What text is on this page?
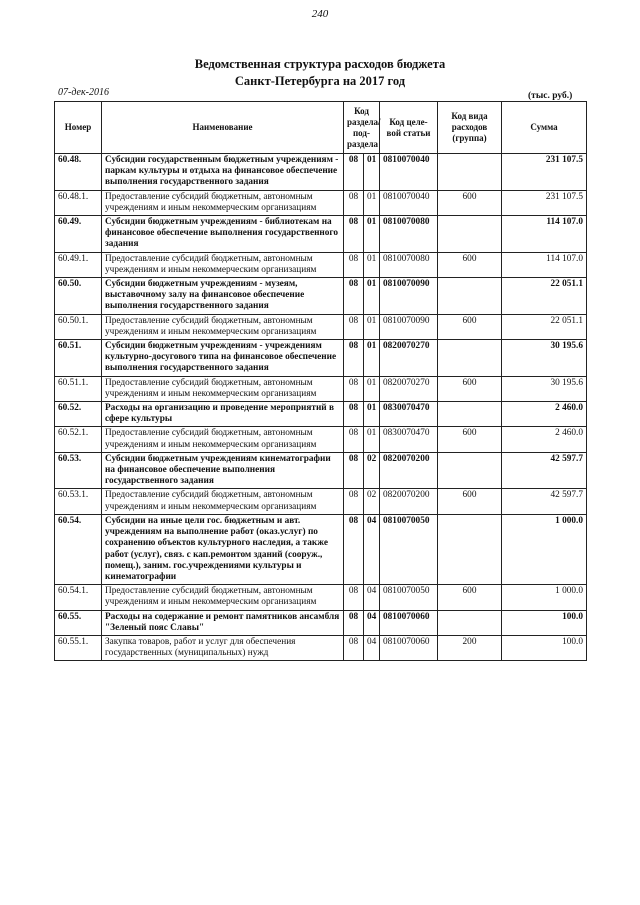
240
Ведомственная структура расходов бюджета
Санкт-Петербурга на 2017 год
07-дек-2016	(тыс. руб.)
Номер	Наименование	Код раздела/ под- раздела		Код целе- вой статьи	Код вида расходов (группа)	Сумма
60.48.	Субсидии государственным бюджетным учреждениям - паркам культуры и отдыха на финансовое обеспечение выполнения государственного задания	08	01	0810070040		231 107.5
60.48.1.	Предоставление субсидий бюджетным, автономным учреждениям и иным некоммерческим организациям	08	01	0810070040	600	231 107.5
60.49.	Субсидии бюджетным учреждениям - библиотекам на финансовое обеспечение выполнения государственного задания	08	01	0810070080		114 107.0
60.49.1.	Предоставление субсидий бюджетным, автономным учреждениям и иным некоммерческим организациям	08	01	0810070080	600	114 107.0
60.50.	Субсидии бюджетным учреждениям - музеям, выставочному залу на финансовое обеспечение выполнения государственного задания	08	01	0810070090		22 051.1
60.50.1.	Предоставление субсидий бюджетным, автономным учреждениям и иным некоммерческим организациям	08	01	0810070090	600	22 051.1
60.51.	Субсидии бюджетным учреждениям - учреждениям культурно-досугового типа на финансовое обеспечение выполнения государственного задания	08	01	0820070270		30 195.6
60.51.1.	Предоставление субсидий бюджетным, автономным учреждениям и иным некоммерческим организациям	08	01	0820070270	600	30 195.6
60.52.	Расходы на организацию и проведение мероприятий в сфере культуры	08	01	0830070470		2 460.0
60.52.1.	Предоставление субсидий бюджетным, автономным учреждениям и иным некоммерческим организациям	08	01	0830070470	600	2 460.0
60.53.	Субсидии бюджетным учреждениям кинематографии на финансовое обеспечение выполнения государственного задания	08	02	0820070200		42 597.7
60.53.1.	Предоставление субсидий бюджетным, автономным учреждениям и иным некоммерческим организациям	08	02	0820070200	600	42 597.7
60.54.	Субсидии на иные цели гос. бюджетным и авт. учреждениям на выполнение работ (оказ.услуг) по сохранению объектов культурного наследия, а также работ (услуг), связ. с кап.ремонтом зданий (сооруж., помещ.), заним. гос.учреждениями культуры и кинематографии	08	04	0810070050		1 000.0
60.54.1.	Предоставление субсидий бюджетным, автономным учреждениям и иным некоммерческим организациям	08	04	0810070050	600	1 000.0
60.55.	Расходы на содержание и ремонт памятников ансамбля "Зеленый пояс Славы"	08	04	0810070060		100.0
60.55.1.	Закупка товаров, работ и услуг для обеспечения государственных (муниципальных) нужд	08	04	0810070060	200	100.0
